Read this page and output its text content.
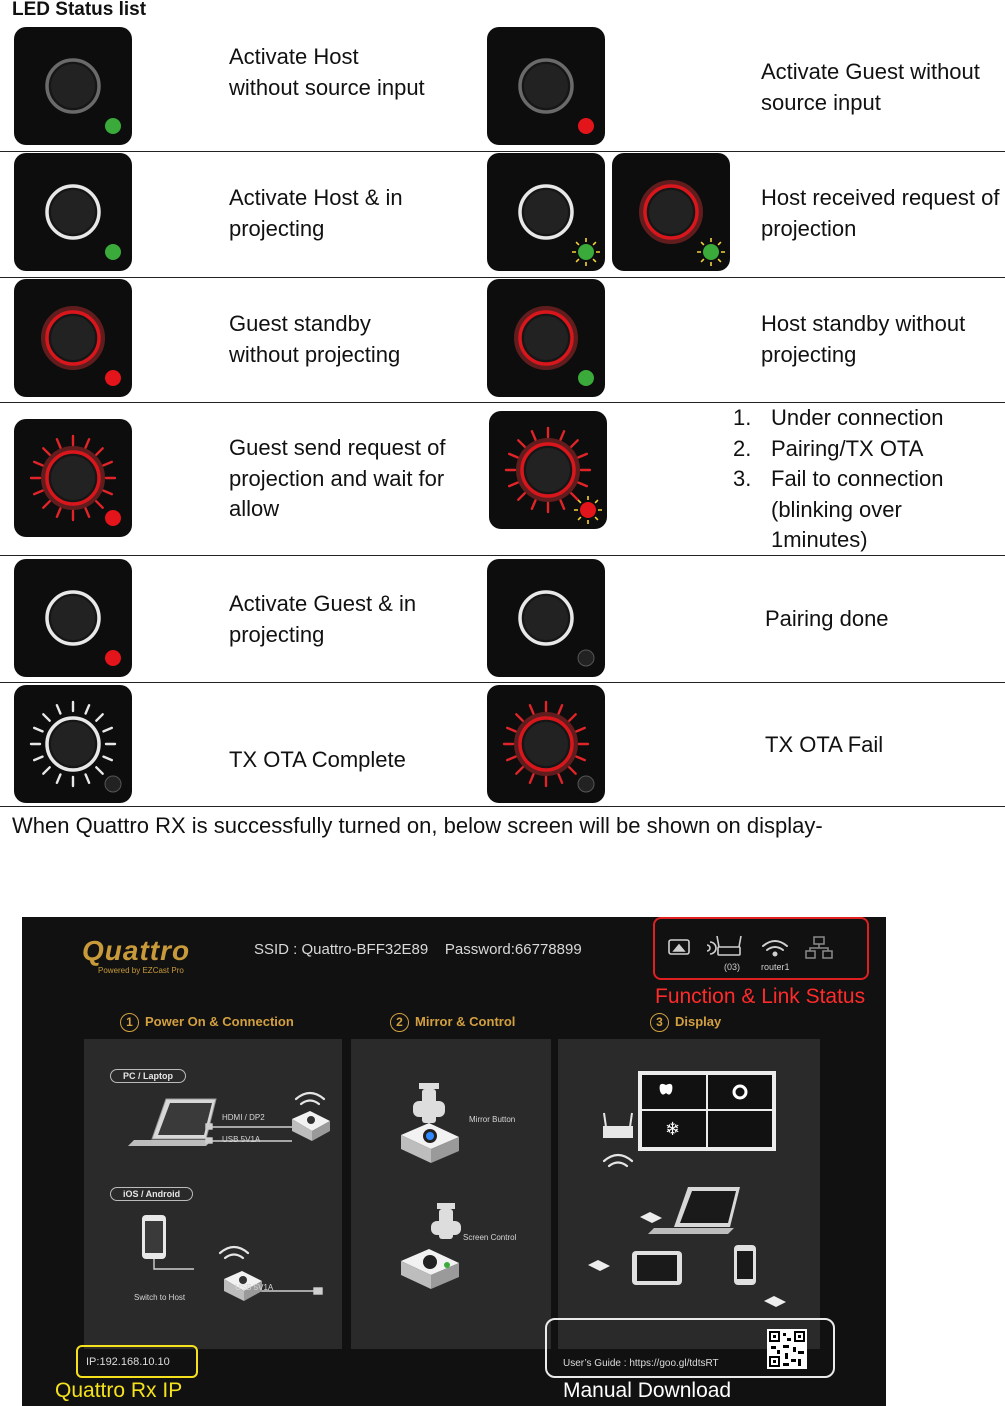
LED Status list
Activate Host without source input
Activate Guest without source input
Activate Host & in projecting
Host received request of projection
Guest standby without projecting
Host standby without projecting
Guest send request of projection and wait for allow
1. Under connection
2. Pairing/TX OTA
3. Fail to connection (blinking over 1minutes)
Activate Guest & in projecting
Pairing done
TX OTA Complete
TX OTA Fail
When Quattro RX is successfully turned on, below screen will be shown on display-
Quattro
Powered by EZCast Pro
SSID : Quattro-BFF32E89    Password:66778899
(03) router1
Function & Link Status
1 Power On & Connection	2 Mirror & Control	3 Display
PC / Laptop
HDMI / DP2
USB 5V1A
iOS / Android
USB 5V1A
Switch to Host
Mirror Button
Screen Control
❄
IP:192.168.10.10
Quattro Rx IP
User’s Guide : https://goo.gl/tdtsRT
Manual Download
